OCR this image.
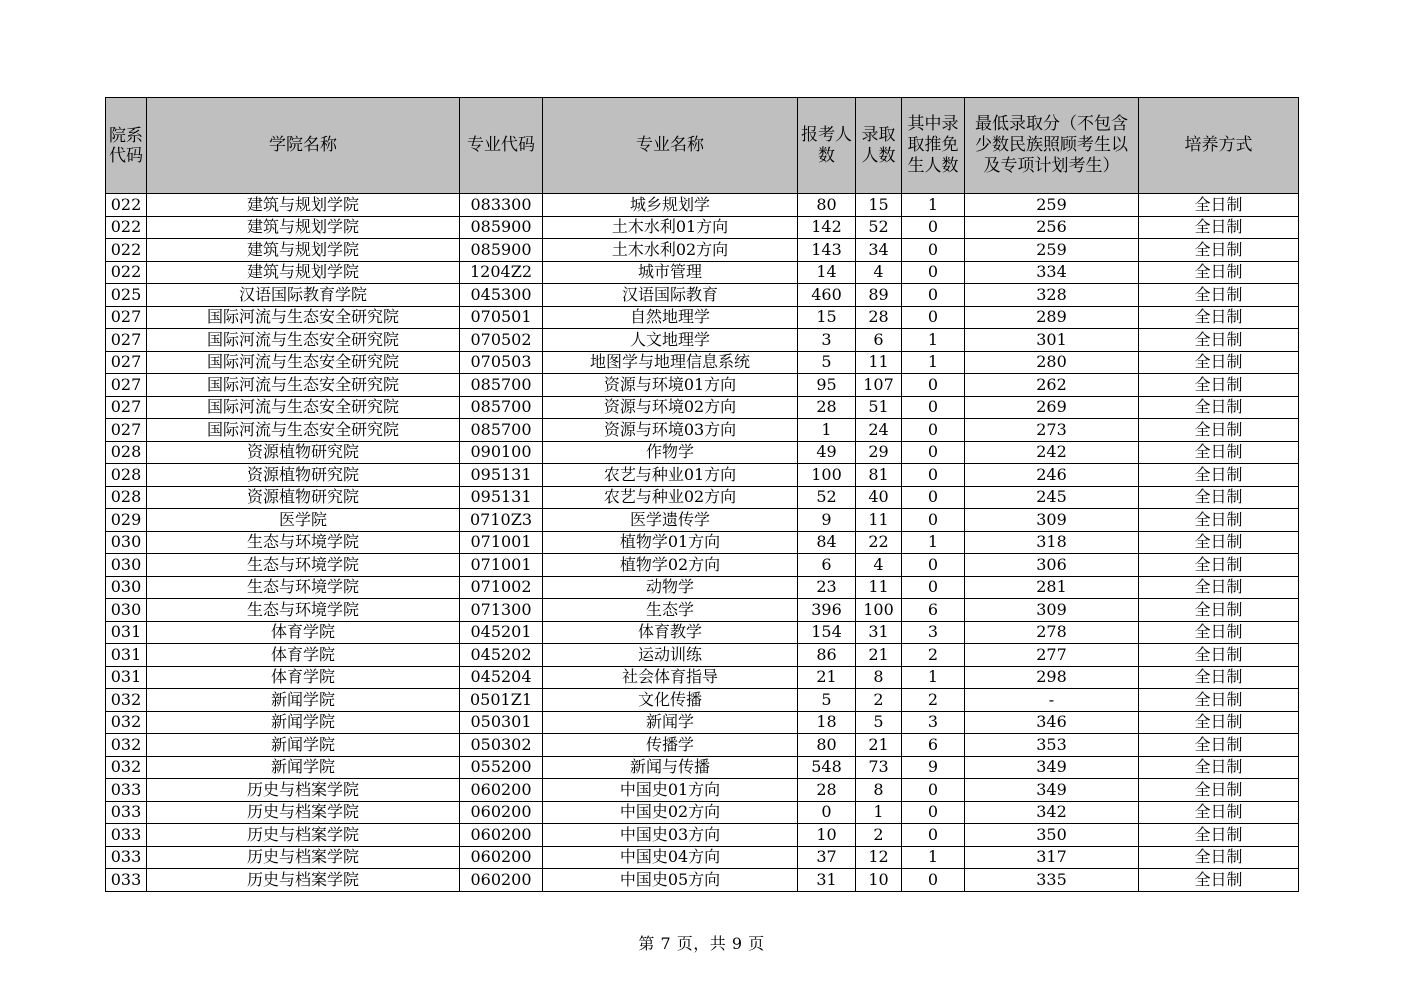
院系代码	学院名称	专业代码	专业名称	报考人数	录取人数	其中录取推免生人数	最低录取分（不包含少数民族照顾考生以及专项计划考生）	培养方式
022	建筑与规划学院	083300	城乡规划学	80	15	1	259	全日制
022	建筑与规划学院	085900	土木水利01方向	142	52	0	256	全日制
022	建筑与规划学院	085900	土木水利02方向	143	34	0	259	全日制
022	建筑与规划学院	1204Z2	城市管理	14	4	0	334	全日制
025	汉语国际教育学院	045300	汉语国际教育	460	89	0	328	全日制
027	国际河流与生态安全研究院	070501	自然地理学	15	28	0	289	全日制
027	国际河流与生态安全研究院	070502	人文地理学	3	6	1	301	全日制
027	国际河流与生态安全研究院	070503	地图学与地理信息系统	5	11	1	280	全日制
027	国际河流与生态安全研究院	085700	资源与环境01方向	95	107	0	262	全日制
027	国际河流与生态安全研究院	085700	资源与环境02方向	28	51	0	269	全日制
027	国际河流与生态安全研究院	085700	资源与环境03方向	1	24	0	273	全日制
028	资源植物研究院	090100	作物学	49	29	0	242	全日制
028	资源植物研究院	095131	农艺与种业01方向	100	81	0	246	全日制
028	资源植物研究院	095131	农艺与种业02方向	52	40	0	245	全日制
029	医学院	0710Z3	医学遗传学	9	11	0	309	全日制
030	生态与环境学院	071001	植物学01方向	84	22	1	318	全日制
030	生态与环境学院	071001	植物学02方向	6	4	0	306	全日制
030	生态与环境学院	071002	动物学	23	11	0	281	全日制
030	生态与环境学院	071300	生态学	396	100	6	309	全日制
031	体育学院	045201	体育教学	154	31	3	278	全日制
031	体育学院	045202	运动训练	86	21	2	277	全日制
031	体育学院	045204	社会体育指导	21	8	1	298	全日制
032	新闻学院	0501Z1	文化传播	5	2	2	-	全日制
032	新闻学院	050301	新闻学	18	5	3	346	全日制
032	新闻学院	050302	传播学	80	21	6	353	全日制
032	新闻学院	055200	新闻与传播	548	73	9	349	全日制
033	历史与档案学院	060200	中国史01方向	28	8	0	349	全日制
033	历史与档案学院	060200	中国史02方向	0	1	0	342	全日制
033	历史与档案学院	060200	中国史03方向	10	2	0	350	全日制
033	历史与档案学院	060200	中国史04方向	37	12	1	317	全日制
033	历史与档案学院	060200	中国史05方向	31	10	0	335	全日制
第 7 页，共 9 页
